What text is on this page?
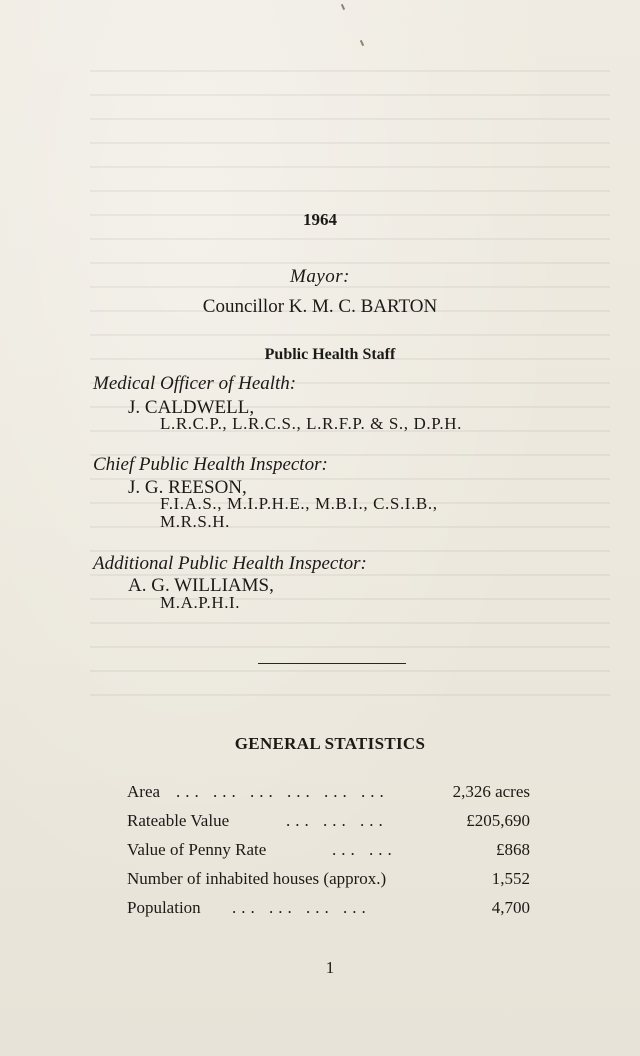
1964
Mayor:
Councillor K. M. C. BARTON
Public Health Staff
Medical Officer of Health:
J. CALDWELL,
L.R.C.P., L.R.C.S., L.R.F.P. & S., D.P.H.
Chief Public Health Inspector:
J. G. REESON,
F.I.A.S., M.I.P.H.E., M.B.I., C.S.I.B.,
M.R.S.H.
Additional Public Health Inspector:
A. G. WILLIAMS,
M.A.P.H.I.
GENERAL STATISTICS
Area ... ... ... ... ... ...	2,326 acres
Rateable Value	... ... ...	£205,690
Value of Penny Rate	... ...	£868
Number of inhabited houses (approx.)	1,552
Population ... ... ... ...	4,700
1
